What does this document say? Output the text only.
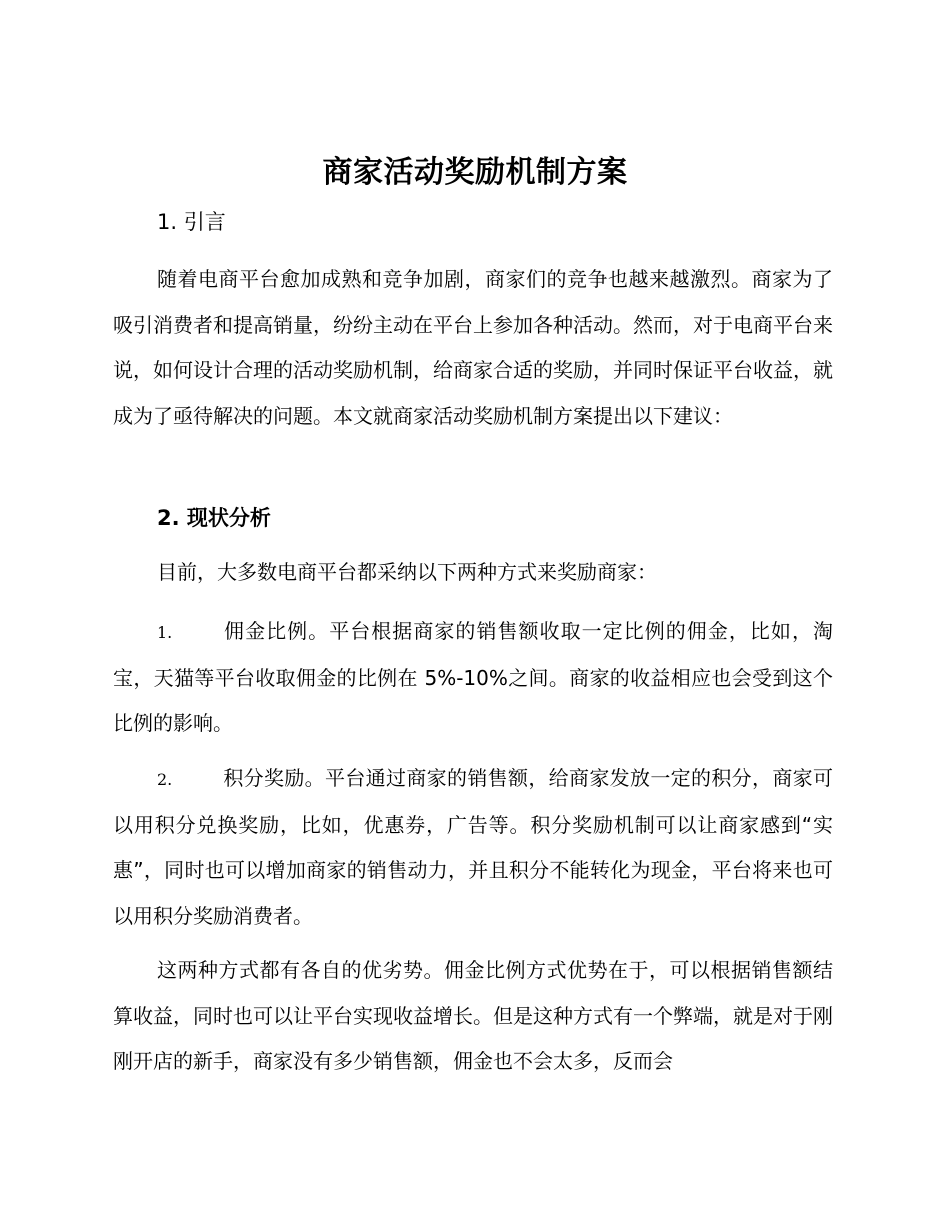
商家活动奖励机制方案
1. 引言

随着电商平台愈加成熟和竞争加剧，商家们的竞争也越来越激烈。商家为了吸引消费者和提高销量，纷纷主动在平台上参加各种活动。然而，对于电商平台来说，如何设计合理的活动奖励机制，给商家合适的奖励，并同时保证平台收益，就成为了亟待解决的问题。本文就商家活动奖励机制方案提出以下建议：

2. 现状分析

目前，大多数电商平台都采纳以下两种方式来奖励商家：

1.	佣金比例。平台根据商家的销售额收取一定比例的佣金，比如，淘宝，天猫等平台收取佣金的比例在 5%-10%之间。商家的收益相应也会受到这个比例的影响。

2.	积分奖励。平台通过商家的销售额，给商家发放一定的积分，商家可以用积分兑换奖励，比如，优惠券，广告等。积分奖励机制可以让商家感到“实惠”，同时也可以增加商家的销售动力，并且积分不能转化为现金，平台将来也可以用积分奖励消费者。

这两种方式都有各自的优劣势。佣金比例方式优势在于，可以根据销售额结算收益，同时也可以让平台实现收益增长。但是这种方式有一个弊端，就是对于刚刚开店的新手，商家没有多少销售额，佣金也不会太多，反而会
